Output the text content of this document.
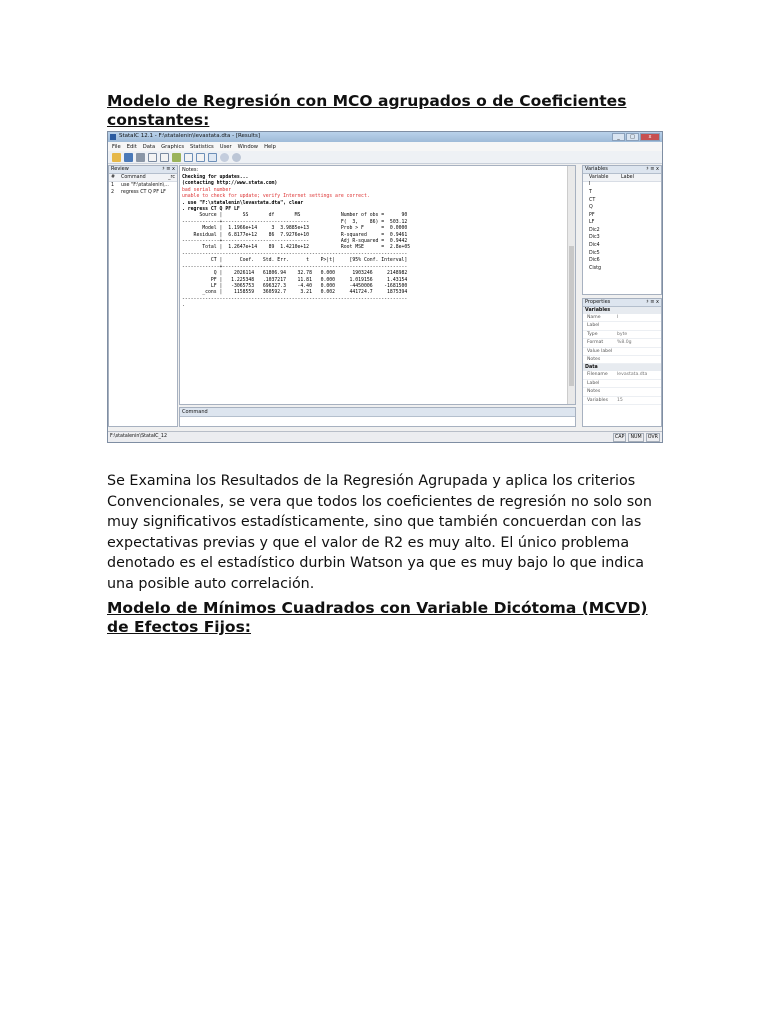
Modelo de Regresión con MCO agrupados o de Coeficientes constantes:
StataIC 12.1 - F:\statalenin\levastata.dta - [Results]	_	□	x
File Edit Data Graphics Statistics User Window Help
Review	♯ ≡ x
#	Command	_rc
1	use "F:\statalenin\...
2	regress CT Q PF LF
Notes:
Checking for updates...
(contacting http://www.stata.com)
bad serial number
unable to check for update; verify Internet settings are correct.
. use "F:\statalenin\levastata.dta", clear
. regress CT Q PF LF
Source |       SS       df       MS              Number of obs =      90
-------------+------------------------------           F(  3,    86) =  503.12
Model |  1.1966e+14     3  3.9885e+13           Prob > F      =  0.0000
Residual |  6.8177e+12    86  7.9276e+10           R-squared     =  0.9461
-------------+------------------------------           Adj R-squared =  0.9442
Total |  1.2647e+14    89  1.4210e+12           Root MSE      =  2.8e+05
------------------------------------------------------------------------------
CT |      Coef.   Std. Err.      t    P>|t|     [95% Conf. Interval]
-------------+----------------------------------------------------------------
Q |    2026114   61806.94    32.78   0.000      1903246     2148982
PF |   1.225348   .1037217    11.81   0.000     1.019156     1.43154
LF |   -3065753   696327.3    -4.40   0.000     -4450006    -1681500
_cons |    1158559   360592.7     3.21   0.002     441724.7     1875394
------------------------------------------------------------------------------
.
Command
Variables	♯ ≡ x
Variable	Label
I
T
CT
Q
PF
LF
Dic2
Dic3
Dic4
Dic5
Dic6
Cistg
Properties	♯ ≡ x
Variables
Name	I
Label
Type	byte
Format	%8.0g
Value label
Notes
Data
Filename	levastata.dta
Label
Notes
Variables	15
F:\statalenin\StataIC_12	CAP	NUM	OVR

Se Examina los Resultados de la Regresión Agrupada y aplica los criterios Convencionales, se vera que todos los coeficientes de regresión no solo son muy significativos estadísticamente, sino que también concuerdan con las expectativas previas y que el valor de R2 es muy alto. El único problema denotado es el estadístico durbin Watson ya que es muy bajo lo que indica una posible auto correlación.

Modelo de Mínimos Cuadrados con Variable Dicótoma (MCVD) de Efectos Fijos:
